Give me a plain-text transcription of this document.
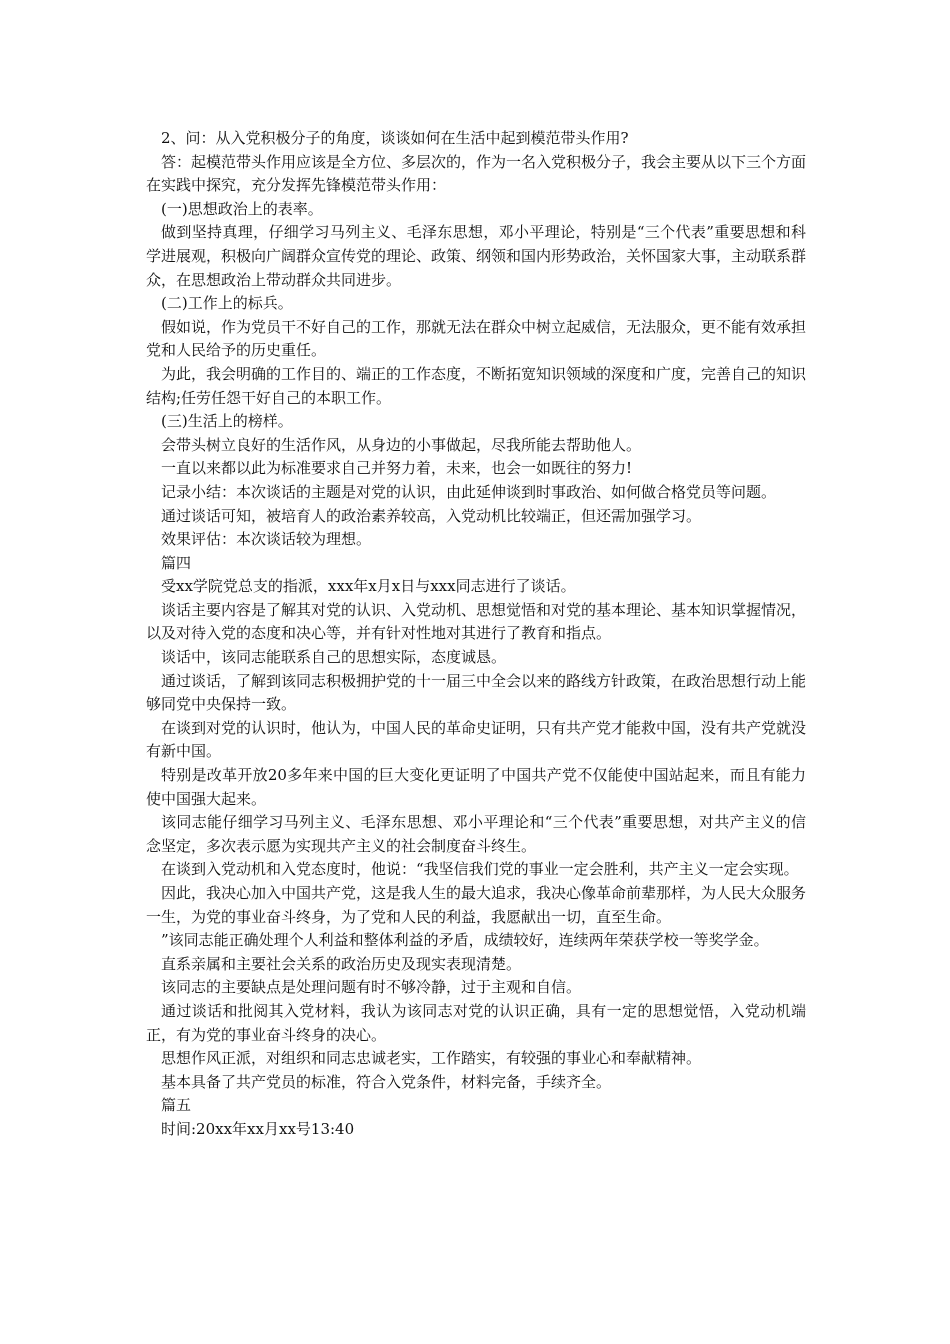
2、问：从入党积极分子的角度，谈谈如何在生活中起到模范带头作用?

答：起模范带头作用应该是全方位、多层次的，作为一名入党积极分子，我会主要从以下三个方面在实践中探究，充分发挥先锋模范带头作用：

(一)思想政治上的表率。

做到坚持真理，仔细学习马列主义、毛泽东思想，邓小平理论，特别是“三个代表”重要思想和科学进展观，积极向广阔群众宣传党的理论、政策、纲领和国内形势政治，关怀国家大事，主动联系群众，在思想政治上带动群众共同进步。

(二)工作上的标兵。

假如说，作为党员干不好自己的工作，那就无法在群众中树立起威信，无法服众，更不能有效承担党和人民给予的历史重任。

为此，我会明确的工作目的、端正的工作态度，不断拓宽知识领域的深度和广度，完善自己的知识结构;任劳任怨干好自己的本职工作。

(三)生活上的榜样。

会带头树立良好的生活作风，从身边的小事做起，尽我所能去帮助他人。

一直以来都以此为标准要求自己并努力着，未来，也会一如既往的努力!

记录小结：本次谈话的主题是对党的认识，由此延伸谈到时事政治、如何做合格党员等问题。

通过谈话可知，被培育人的政治素养较高，入党动机比较端正，但还需加强学习。

效果评估：本次谈话较为理想。

篇四

受xx学院党总支的指派，xxx年x月x日与xxx同志进行了谈话。

谈话主要内容是了解其对党的认识、入党动机、思想觉悟和对党的基本理论、基本知识掌握情况，以及对待入党的态度和决心等，并有针对性地对其进行了教育和指点。

谈话中，该同志能联系自己的思想实际，态度诚恳。

通过谈话，了解到该同志积极拥护党的十一届三中全会以来的路线方针政策，在政治思想行动上能够同党中央保持一致。

在谈到对党的认识时，他认为，中国人民的革命史证明，只有共产党才能救中国，没有共产党就没有新中国。

特别是改革开放20多年来中国的巨大变化更证明了中国共产党不仅能使中国站起来，而且有能力使中国强大起来。

该同志能仔细学习马列主义、毛泽东思想、邓小平理论和“三个代表”重要思想，对共产主义的信念坚定，多次表示愿为实现共产主义的社会制度奋斗终生。

在谈到入党动机和入党态度时，他说：“我坚信我们党的事业一定会胜利，共产主义一定会实现。

因此，我决心加入中国共产党，这是我人生的最大追求，我决心像革命前辈那样，为人民大众服务一生，为党的事业奋斗终身，为了党和人民的利益，我愿献出一切，直至生命。

”该同志能正确处理个人利益和整体利益的矛盾，成绩较好，连续两年荣获学校一等奖学金。

直系亲属和主要社会关系的政治历史及现实表现清楚。

该同志的主要缺点是处理问题有时不够冷静，过于主观和自信。

通过谈话和批阅其入党材料，我认为该同志对党的认识正确，具有一定的思想觉悟，入党动机端正，有为党的事业奋斗终身的决心。

思想作风正派，对组织和同志忠诚老实，工作踏实，有较强的事业心和奉献精神。

基本具备了共产党员的标准，符合入党条件，材料完备，手续齐全。

篇五

时间:20xx年xx月xx号13:40
